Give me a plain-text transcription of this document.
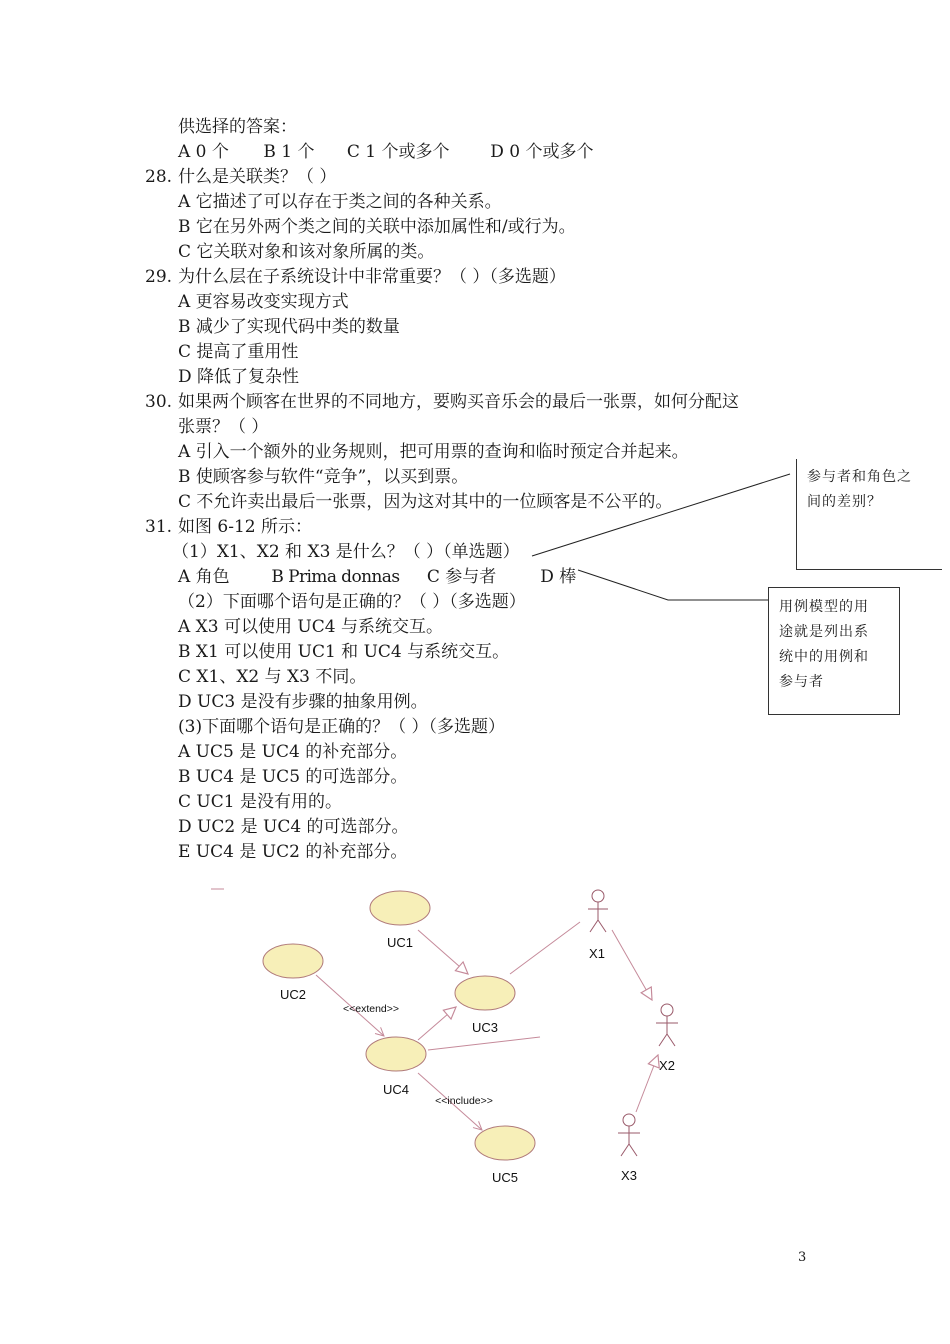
供选择的答案：
A 0 个 B 1 个 C 1 个或多个 D 0 个或多个
28. 什么是关联类？（ ）
A 它描述了可以存在于类之间的各种关系。
B 它在另外两个类之间的关联中添加属性和/或行为。
C 它关联对象和该对象所属的类。
29. 为什么层在子系统设计中非常重要？（ ）（多选题）
A 更容易改变实现方式
B 减少了实现代码中类的数量
C 提高了重用性
D 降低了复杂性
30. 如果两个顾客在世界的不同地方，要购买音乐会的最后一张票，如何分配这
张票？（ ）
A 引入一个额外的业务规则，把可用票的查询和临时预定合并起来。
B 使顾客参与软件“竞争”，以买到票。
C 不允许卖出最后一张票，因为这对其中的一位顾客是不公平的。
31. 如图 6-12 所示：
（1）X1、X2 和 X3 是什么？（ ）（单选题）
A 角色 B Prima donnas C 参与者	D 棒
（2）下面哪个语句是正确的？（ ）（多选题）
A X3 可以使用 UC4 与系统交互。
B X1 可以使用 UC1 和 UC4 与系统交互。
C X1、X2 与 X3 不同。
D UC3 是没有步骤的抽象用例。
(3)下面哪个语句是正确的？（ ）（多选题）
A UC5 是 UC4 的补充部分。
B UC4 是 UC5 的可选部分。
C UC1 是没有用的。
D UC2 是 UC4 的可选部分。
E UC4 是 UC2 的补充部分。
参与者和角色之
间的差别？
用例模型的用
途就是列出系
统中的用例和
参与者
UC1
UC2
UC3
UC4
UC5
<<extend>>
<<include>>
X1
X2
X3
3
